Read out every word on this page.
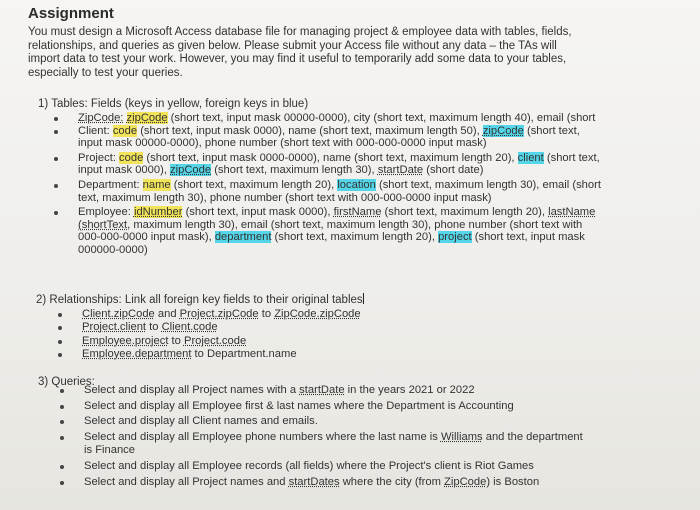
Assignment
You must design a Microsoft Access database file for managing project & employee data with tables, fields, relationships, and queries as given below. Please submit your Access file without any data – the TAs will import data to test your work. However, you may find it useful to temporarily add some data to your tables, especially to test your queries.
1) Tables: Fields (keys in yellow, foreign keys in blue)
ZipCode: zipCode (short text, input mask 00000-0000), city (short text, maximum length 40), email (short
Client: code (short text, input mask 0000), name (short text, maximum length 50), zipCode (short text, input mask 00000-0000), phone number (short text with 000-000-0000 input mask)
Project: code (short text, input mask 0000-0000), name (short text, maximum length 20), client (short text, input mask 0000), zipCode (short text, maximum length 30), startDate (short date)
Department: name (short text, maximum length 20), location (short text, maximum length 30), email (short text, maximum length 30), phone number (short text with 000-000-0000 input mask)
Employee: idNumber (short text, input mask 0000), firstName (short text, maximum length 20), lastName (shortText, maximum length 30), email (short text, maximum length 30), phone number (short text with 000-000-0000 input mask), department (short text, maximum length 20), project (short text, input mask 000000-0000)
2) Relationships: Link all foreign key fields to their original tables
Client.zipCode and Project.zipCode to ZipCode.zipCode
Project.client to Client.code
Employee.project to Project.code
Employee.department to Department.name
3) Queries:
Select and display all Project names with a startDate in the years 2021 or 2022
Select and display all Employee first & last names where the Department is Accounting
Select and display all Client names and emails.
Select and display all Employee phone numbers where the last name is Williams and the department is Finance
Select and display all Employee records (all fields) where the Project's client is Riot Games
Select and display all Project names and startDates where the city (from ZipCode) is Boston
